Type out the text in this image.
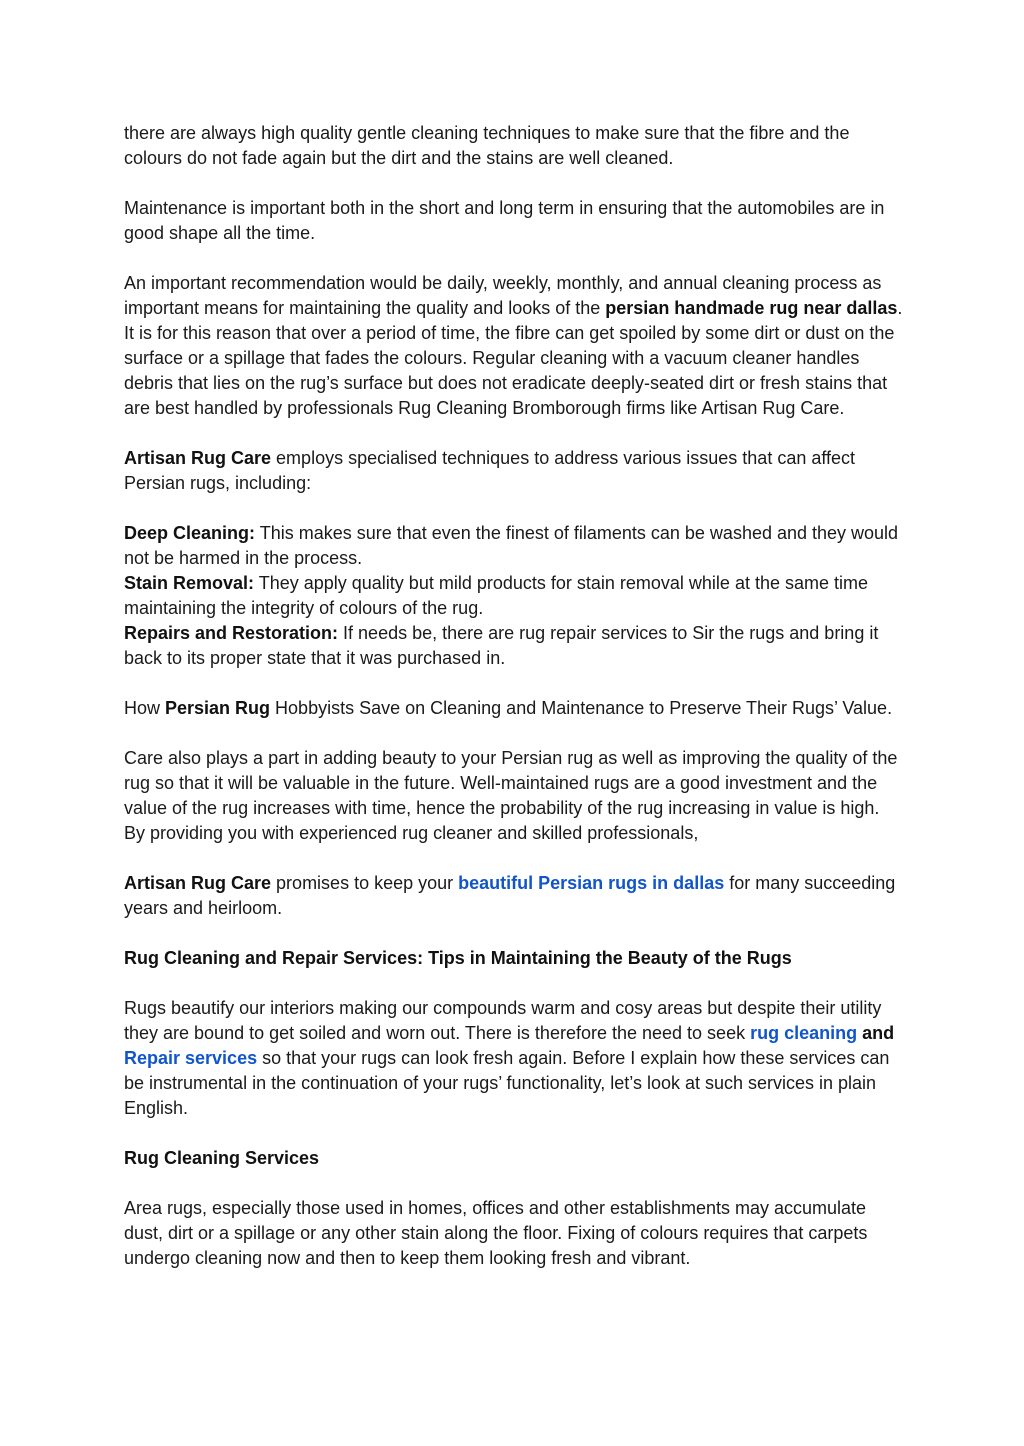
there are always high quality gentle cleaning techniques to make sure that the fibre and the colours do not fade again but the dirt and the stains are well cleaned.

Maintenance is important both in the short and long term in ensuring that the automobiles are in good shape all the time.

An important recommendation would be daily, weekly, monthly, and annual cleaning process as important means for maintaining the quality and looks of the persian handmade rug near dallas. It is for this reason that over a period of time, the fibre can get spoiled by some dirt or dust on the surface or a spillage that fades the colours. Regular cleaning with a vacuum cleaner handles debris that lies on the rug’s surface but does not eradicate deeply-seated dirt or fresh stains that are best handled by professionals Rug Cleaning Bromborough firms like Artisan Rug Care.

Artisan Rug Care employs specialised techniques to address various issues that can affect Persian rugs, including:

Deep Cleaning: This makes sure that even the finest of filaments can be washed and they would not be harmed in the process.

Stain Removal: They apply quality but mild products for stain removal while at the same time maintaining the integrity of colours of the rug.

Repairs and Restoration: If needs be, there are rug repair services to Sir the rugs and bring it back to its proper state that it was purchased in.

How Persian Rug Hobbyists Save on Cleaning and Maintenance to Preserve Their Rugs’ Value.

Care also plays a part in adding beauty to your Persian rug as well as improving the quality of the rug so that it will be valuable in the future. Well-maintained rugs are a good investment and the value of the rug increases with time, hence the probability of the rug increasing in value is high. By providing you with experienced rug cleaner and skilled professionals,

Artisan Rug Care promises to keep your beautiful Persian rugs in dallas for many succeeding years and heirloom.

Rug Cleaning and Repair Services: Tips in Maintaining the Beauty of the Rugs

Rugs beautify our interiors making our compounds warm and cosy areas but despite their utility they are bound to get soiled and worn out. There is therefore the need to seek rug cleaning and Repair services so that your rugs can look fresh again. Before I explain how these services can be instrumental in the continuation of your rugs’ functionality, let’s look at such services in plain English.

Rug Cleaning Services

Area rugs, especially those used in homes, offices and other establishments may accumulate dust, dirt or a spillage or any other stain along the floor. Fixing of colours requires that carpets undergo cleaning now and then to keep them looking fresh and vibrant.
